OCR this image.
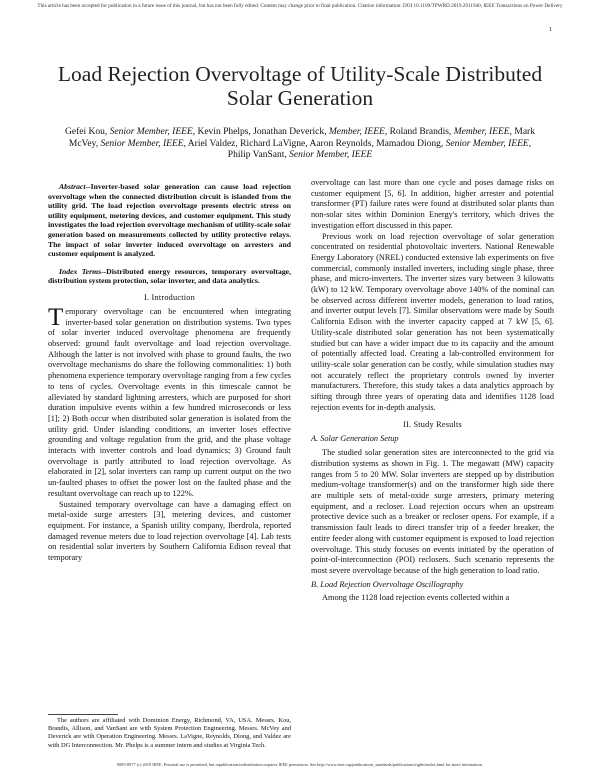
This article has been accepted for publication in a future issue of this journal, but has not been fully edited. Content may change prior to final publication. Citation information: DOI 10.1109/TPWRD.2019.2911940, IEEE Transactions on Power Delivery
1
Load Rejection Overvoltage of Utility-Scale Distributed Solar Generation
Gefei Kou, Senior Member, IEEE, Kevin Phelps, Jonathan Deverick, Member, IEEE, Roland Brandis, Member, IEEE, Mark McVey, Senior Member, IEEE, Ariel Valdez, Richard LaVigne, Aaron Reynolds, Mamadou Diong, Senior Member, IEEE, Philip VanSant, Senior Member, IEEE

Abstract--Inverter-based solar generation can cause load rejection overvoltage when the connected distribution circuit is islanded from the utility grid. The load rejection overvoltage presents electric stress on utility equipment, metering devices, and customer equipment. This study investigates the load rejection overvoltage mechanism of utility-scale solar generation based on measurements collected by utility protective relays. The impact of solar inverter induced overvoltage on arresters and customer equipment is analyzed.

Index Terms--Distributed energy resources, temporary overvoltage, distribution system protection, solar inverter, and data analytics.

I. Introduction

Temporary overvoltage can be encountered when integrating inverter-based solar generation on distribution systems. Two types of solar inverter induced overvoltage phenomena are frequently observed: ground fault overvoltage and load rejection overvoltage. Although the latter is not involved with phase to ground faults, the two overvoltage mechanisms do share the following commonalities: 1) both phenomena experience temporary overvoltage ranging from a few cycles to tens of cycles. Overvoltage events in this timescale cannot be alleviated by standard lightning arresters, which are purposed for short duration impulsive events within a few hundred microseconds or less [1]; 2) Both occur when distributed solar generation is isolated from the utility grid. Under islanding conditions, an inverter loses effective grounding and voltage regulation from the grid, and the phase voltage interacts with inverter controls and load dynamics; 3) Ground fault overvoltage is partly attributed to load rejection overvoltage. As elaborated in [2], solar inverters can ramp up current output on the two un-faulted phases to offset the power lost on the faulted phase and the resultant overvoltage can reach up to 122%.

Sustained temporary overvoltage can have a damaging effect on metal-oxide surge arresters [3], metering devices, and customer equipment. For instance, a Spanish utility company, Iberdrola, reported damaged revenue meters due to load rejection overvoltage [4]. Lab tests on residential solar inverters by Southern California Edison reveal that temporary

The authors are affiliated with Dominion Energy, Richmond, VA, USA. Messrs. Kou, Brandis, Allison, and VanSant are with System Protection Engineering. Messrs. McVey and Deverick are with Operation Engineering. Messrs. LaVigne, Reynolds, Diong, and Valdez are with DG Interconnection. Mr. Phelps is a summer intern and studies at Virginia Tech.

overvoltage can last more than one cycle and poses damage risks on customer equipment [5, 6]. In addition, higher arrester and potential transformer (PT) failure rates were found at distributed solar plants than non-solar sites within Dominion Energy's territory, which drives the investigation effort discussed in this paper.

Previous work on load rejection overvoltage of solar generation concentrated on residential photovoltaic inverters. National Renewable Energy Laboratory (NREL) conducted extensive lab experiments on five commercial, commonly installed inverters, including single phase, three phase, and micro-inverters. The inverter sizes vary between 3 kilowatts (kW) to 12 kW. Temporary overvoltage above 140% of the nominal can be observed across different inverter models, generation to load ratios, and inverter output levels [7]. Similar observations were made by South California Edison with the inverter capacity capped at 7 kW [5, 6]. Utility-scale distributed solar generation has not been systematically studied but can have a wider impact due to its capacity and the amount of potentially affected load. Creating a lab-controlled environment for utility-scale solar generation can be costly, while simulation studies may not accurately reflect the proprietary controls owned by inverter manufacturers. Therefore, this study takes a data analytics approach by sifting through three years of operating data and identifies 1128 load rejection events for in-depth analysis.

II. Study Results
A. Solar Generation Setup

The studied solar generation sites are interconnected to the grid via distribution systems as shown in Fig. 1. The megawatt (MW) capacity ranges from 5 to 20 MW. Solar inverters are stepped up by distribution medium-voltage transformer(s) and on the transformer high side there are multiple sets of metal-oxide surge arresters, primary metering equipment, and a recloser. Load rejection occurs when an upstream protective device such as a breaker or recloser opens. For example, if a transmission fault leads to direct transfer trip of a feeder breaker, the entire feeder along with customer equipment is exposed to load rejection overvoltage. This study focuses on events initiated by the operation of point-of-interconnection (POI) reclosers. Such scenario represents the most severe overvoltage because of the high generation to load ratio.

B. Load Rejection Overvoltage Oscillography

Among the 1128 load rejection events collected within a

0885-8977 (c) 2019 IEEE. Personal use is permitted, but republication/redistribution requires IEEE permission. See http://www.ieee.org/publications_standards/publications/rights/index.html for more information.
